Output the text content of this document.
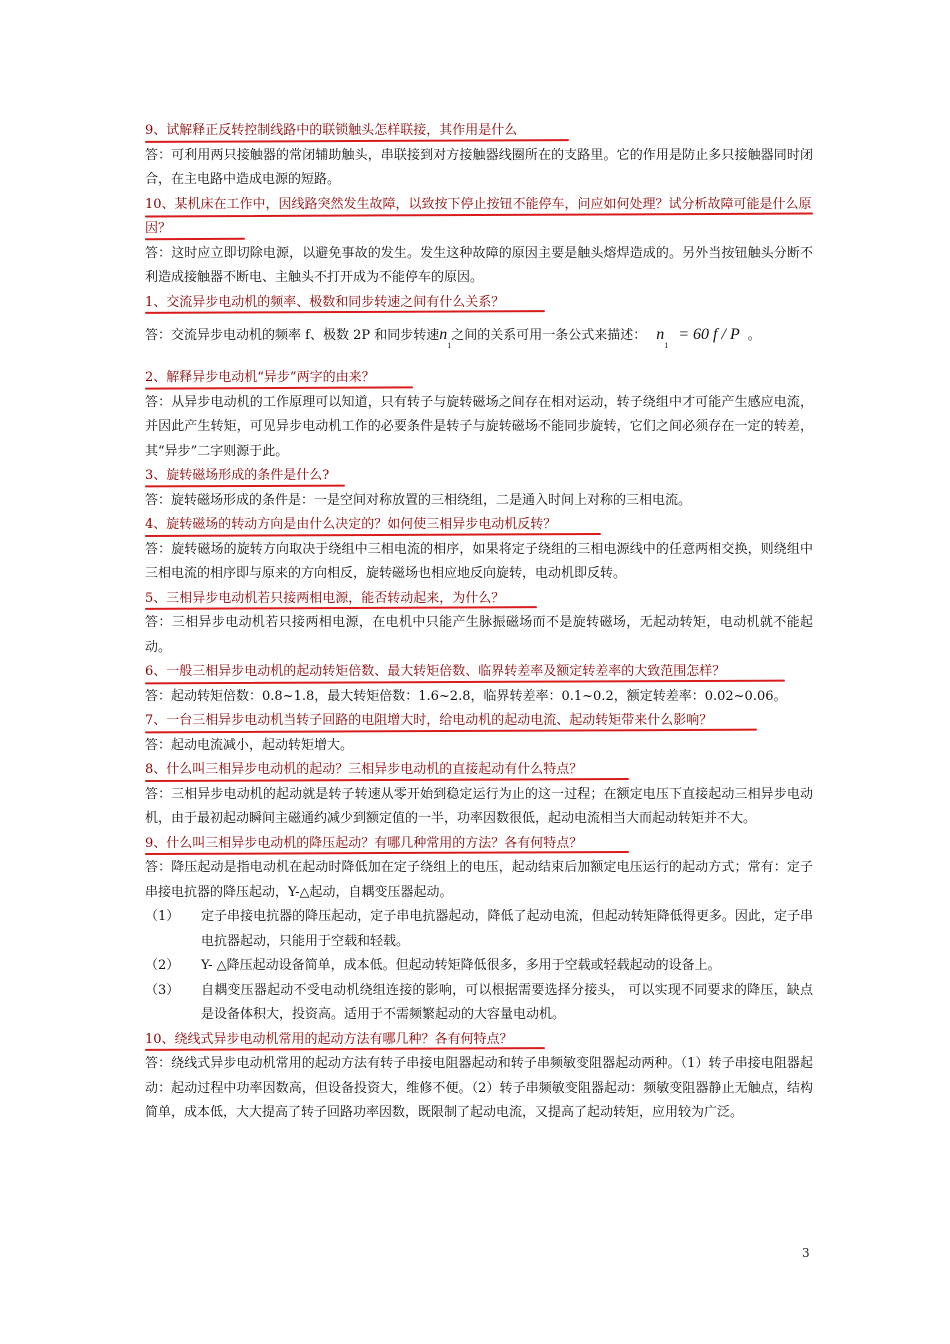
9、试解释正反转控制线路中的联锁触头怎样联接，其作用是什么
答：可利用两只接触器的常闭辅助触头，串联接到对方接触器线圈所在的支路里。它的作用是防止多只接触器同时闭合，在主电路中造成电源的短路。
10、某机床在工作中，因线路突然发生故障，以致按下停止按钮不能停车，问应如何处理？试分析故障可能是什么原因？
答：这时应立即切除电源，以避免事故的发生。发生这种故障的原因主要是触头熔焊造成的。另外当按钮触头分断不利造成接触器不断电、主触头不打开成为不能停车的原因。
1、交流异步电动机的频率、极数和同步转速之间有什么关系？
答：交流异步电动机的频率 f、极数 2P 和同步转速$n_1$之间的关系可用一条公式来描述： $n_1 = 60$ f / P 。
2、解释异步电动机“异步”两字的由来？
答：从异步电动机的工作原理可以知道，只有转子与旋转磁场之间存在相对运动，转子绕组中才可能产生感应电流，并因此产生转矩，可见异步电动机工作的必要条件是转子与旋转磁场不能同步旋转，它们之间必须存在一定的转差，其“异步”二字则源于此。
3、旋转磁场形成的条件是什么?
答：旋转磁场形成的条件是：一是空间对称放置的三相绕组，二是通入时间上对称的三相电流。
4、旋转磁场的转动方向是由什么决定的？如何使三相异步电动机反转？
答：旋转磁场的旋转方向取决于绕组中三相电流的相序，如果将定子绕组的三相电源线中的任意两相交换，则绕组中三相电流的相序即与原来的方向相反，旋转磁场也相应地反向旋转，电动机即反转。
5、三相异步电动机若只接两相电源，能否转动起来，为什么？
答：三相异步电动机若只接两相电源，在电机中只能产生脉振磁场而不是旋转磁场，无起动转矩，电动机就不能起动。
6、一般三相异步电动机的起动转矩倍数、最大转矩倍数、临界转差率及额定转差率的大致范围怎样？
答：起动转矩倍数：0.8~1.8，最大转矩倍数：1.6~2.8，临界转差率：0.1~0.2，额定转差率：0.02~0.06。
7、一台三相异步电动机当转子回路的电阻增大时，给电动机的起动电流、起动转矩带来什么影响？
答：起动电流减小，起动转矩增大。
8、什么叫三相异步电动机的起动？三相异步电动机的直接起动有什么特点？
答：三相异步电动机的起动就是转子转速从零开始到稳定运行为止的这一过程；在额定电压下直接起动三相异步电动机，由于最初起动瞬间主磁通约减少到额定值的一半，功率因数很低，起动电流相当大而起动转矩并不大。
9、什么叫三相异步电动机的降压起动？有哪几种常用的方法？各有何特点？
答：降压起动是指电动机在起动时降低加在定子绕组上的电压，起动结束后加额定电压运行的起动方式；常有：定子串接电抗器的降压起动，Y-△起动，自耦变压器起动。
（1）	定子串接电抗器的降压起动，定子串电抗器起动，降低了起动电流，但起动转矩降低得更多。因此，定子串电抗器起动，只能用于空载和轻载。
（2）	Y- △降压起动设备简单，成本低。但起动转矩降低很多，多用于空载或轻载起动的设备上。
（3）	自耦变压器起动不受电动机绕组连接的影响，可以根据需要选择分接头， 可以实现不同要求的降压，缺点是设备体积大，投资高。适用于不需频繁起动的大容量电动机。
10、绕线式异步电动机常用的起动方法有哪几种？各有何特点？
答：绕线式异步电动机常用的起动方法有转子串接电阻器起动和转子串频敏变阻器起动两种。（1）转子串接电阻器起动：起动过程中功率因数高，但设备投资大，维修不便。（2）转子串频敏变阻器起动：频敏变阻器静止无触点，结构简单，成本低，大大提高了转子回路功率因数，既限制了起动电流，又提高了起动转矩，应用较为广泛。
3
